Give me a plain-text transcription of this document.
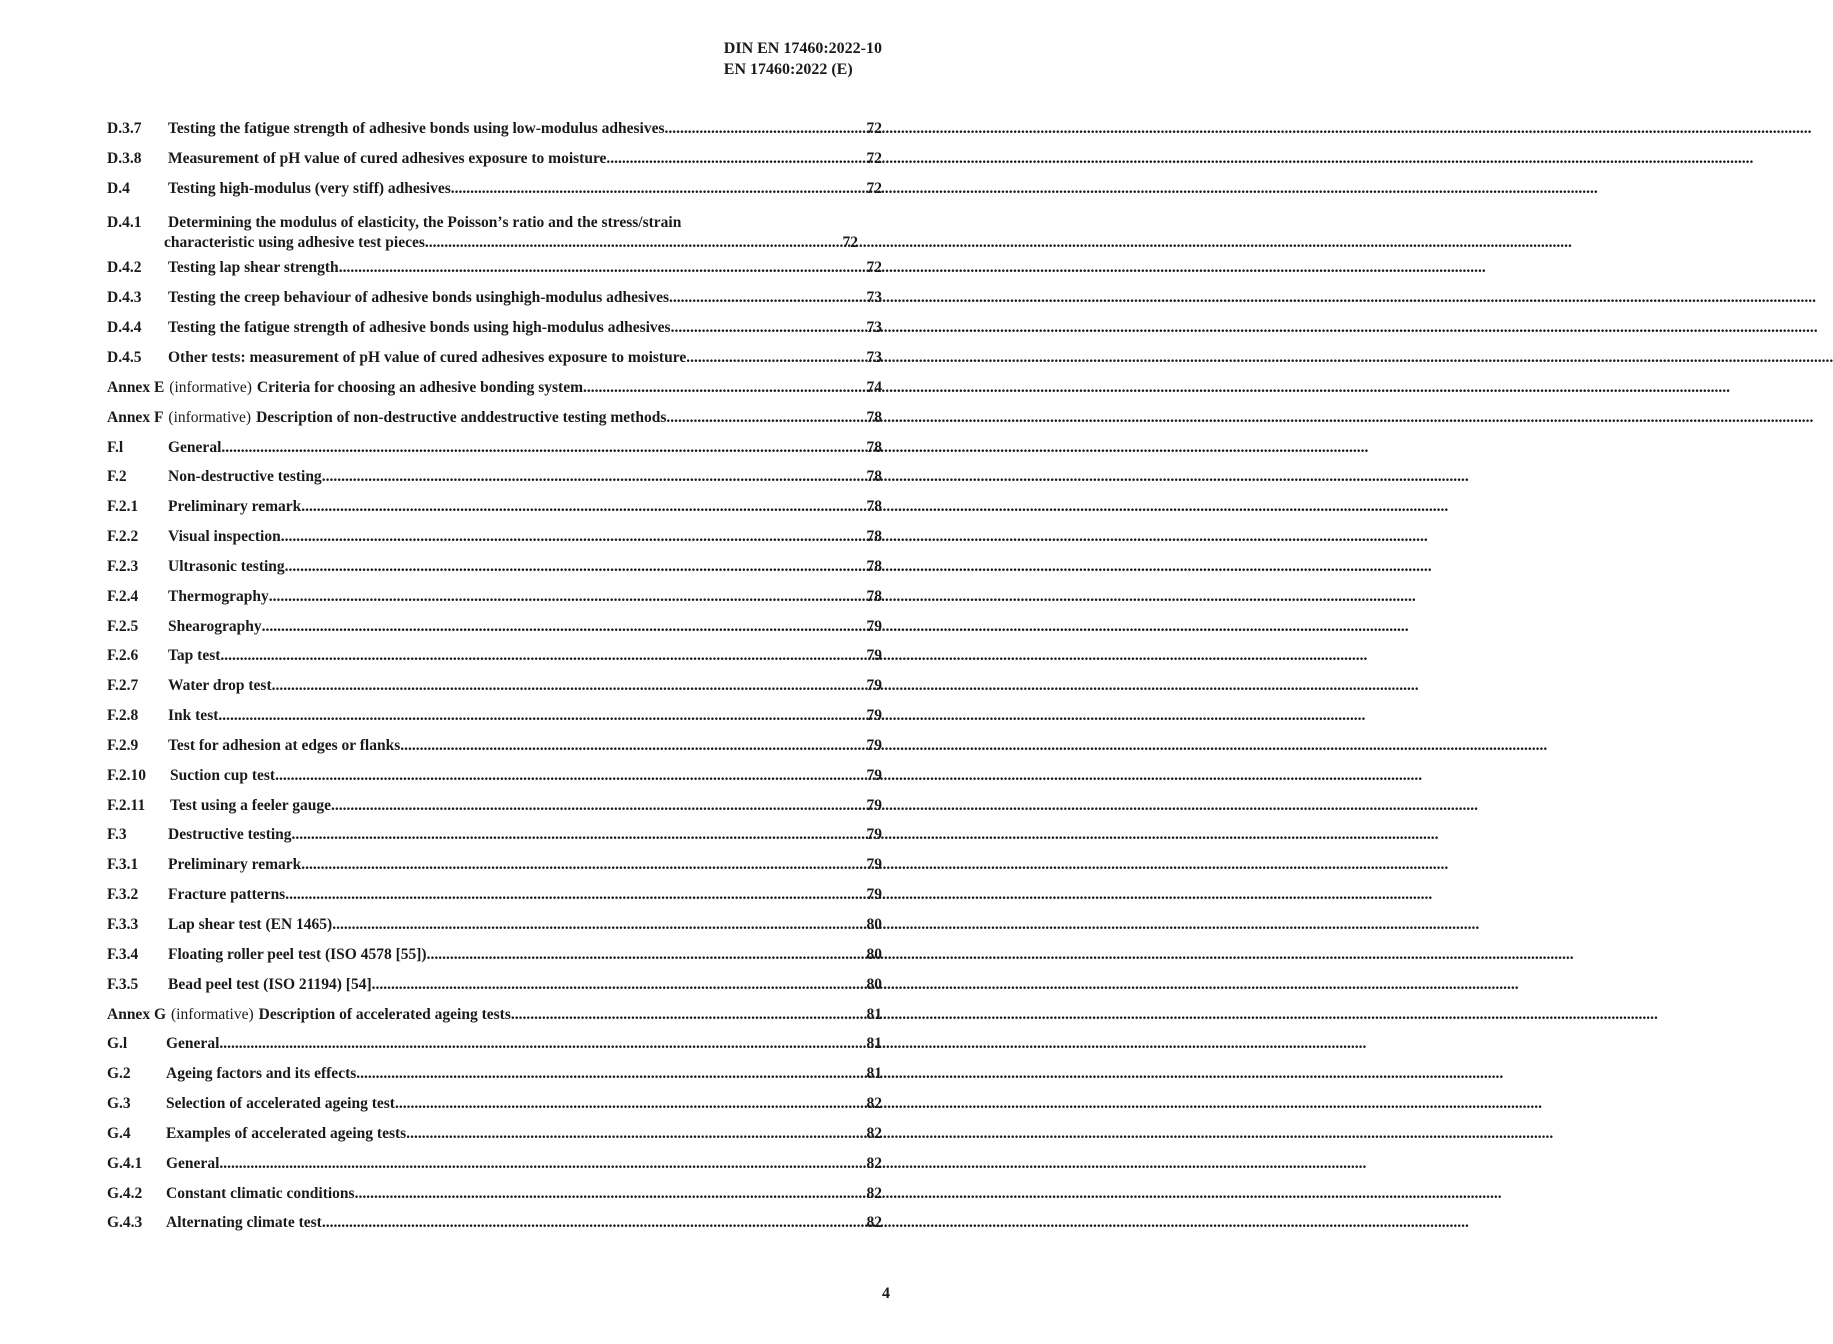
DIN EN 17460:2022-10
EN 17460:2022 (E)
D.3.7	Testing the fatigue strength of adhesive bonds using low-modulus adhesives .....	72
D.3.8	Measurement of pH value of cured adhesives exposure to moisture .....	72
D.4	Testing high-modulus (very stiff) adhesives .....	72
D.4.1	Determining the modulus of elasticity, the Poissonʼs ratio and the stress/strain
characteristic using adhesive test pieces .....	72
D.4.2	Testing lap shear strength .....	72
D.4.3	Testing the creep behaviour of adhesive bonds usinghigh-modulus adhesives .....	73
D.4.4	Testing the fatigue strength of adhesive bonds using high-modulus adhesives .....	73
D.4.5	Other tests: measurement of pH value of cured adhesives exposure to moisture .....	73
Annex E (informative) Criteria for choosing an adhesive bonding system .....	74
Annex F (informative) Description of non-destructive anddestructive testing methods .....	78
F.l	General .....	78
F.2	Non-destructive testing .....	78
F.2.1	Preliminary remark .....	78
F.2.2	Visual inspection .....	78
F.2.3	Ultrasonic testing .....	78
F.2.4	Thermography .....	78
F.2.5	Shearography .....	79
F.2.6	Tap test .....	79
F.2.7	Water drop test .....	79
F.2.8	Ink test .....	79
F.2.9	Test for adhesion at edges or flanks .....	79
F.2.10	Suction cup test .....	79
F.2.11	Test using a feeler gauge .....	79
F.3	Destructive testing .....	79
F.3.1	Preliminary remark .....	79
F.3.2	Fracture patterns .....	79
F.3.3	Lap shear test (EN 1465) .....	80
F.3.4	Floating roller peel test (ISO 4578 [55]) .....	80
F.3.5	Bead peel test (ISO 21194) [54] .....	80
Annex G (informative) Description of accelerated ageing tests .....	81
G.l	General .....	81
G.2	Ageing factors and its effects .....	81
G.3	Selection of accelerated ageing test .....	82
G.4	Examples of accelerated ageing tests .....	82
G.4.1	General .....	82
G.4.2	Constant climatic conditions .....	82
G.4.3	Alternating climate test .....	82
4
